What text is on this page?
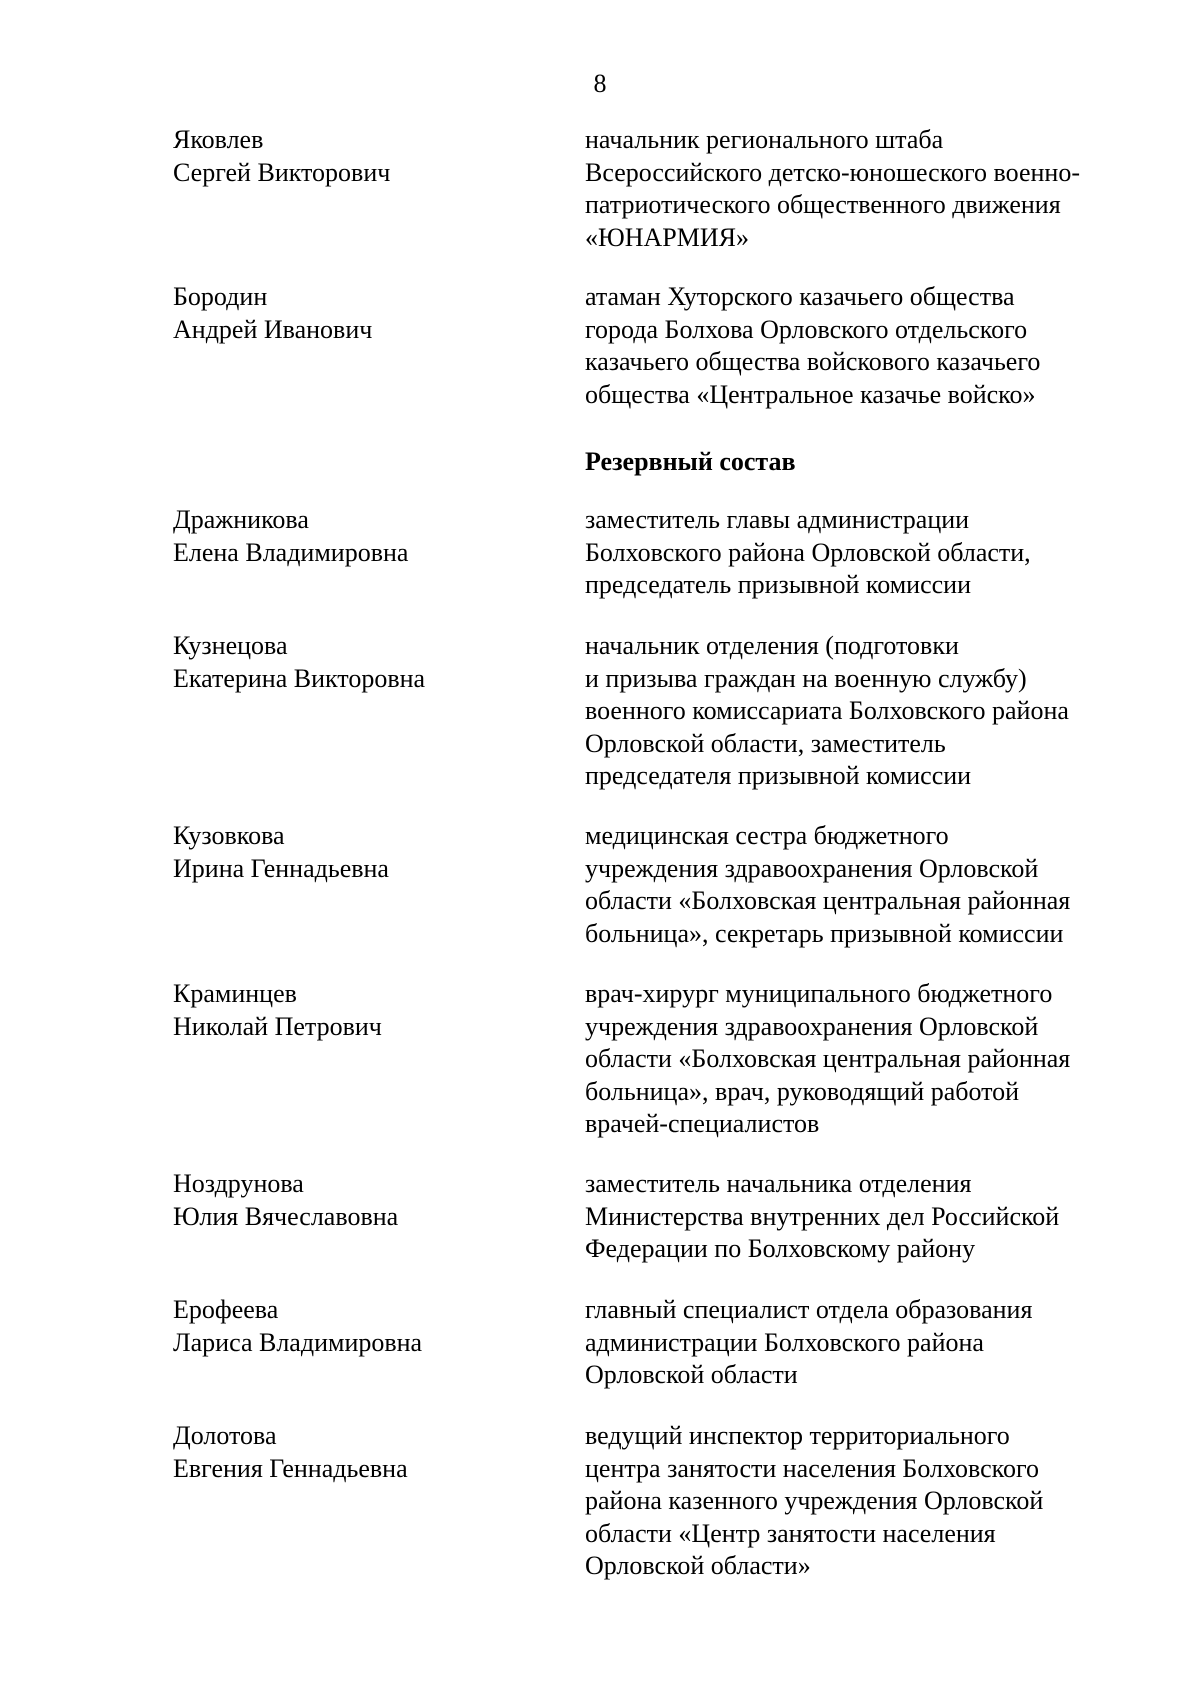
8
Яковлев
Сергей Викторович
начальник регионального штаба
Всероссийского детско-юношеского военно-
патриотического общественного движения
«ЮНАРМИЯ»
Бородин
Андрей Иванович
атаман Хуторского казачьего общества
города Болхова Орловского отдельского
казачьего общества войскового казачьего
общества «Центральное казачье войско»
Резервный состав
Дражникова
Елена Владимировна
заместитель главы администрации
Болховского района Орловской области,
председатель призывной комиссии
Кузнецова
Екатерина Викторовна
начальник отделения (подготовки
и призыва граждан на военную службу)
военного комиссариата Болховского района
Орловской области, заместитель
председателя призывной комиссии
Кузовкова
Ирина Геннадьевна
медицинская сестра бюджетного
учреждения здравоохранения Орловской
области «Болховская центральная районная
больница», секретарь призывной комиссии
Краминцев
Николай Петрович
врач-хирург муниципального бюджетного
учреждения здравоохранения Орловской
области «Болховская центральная районная
больница», врач, руководящий работой
врачей-специалистов
Ноздрунова
Юлия Вячеславовна
заместитель начальника отделения
Министерства внутренних дел Российской
Федерации по Болховскому району
Ерофеева
Лариса Владимировна
главный специалист отдела образования
администрации Болховского района
Орловской области
Долотова
Евгения Геннадьевна
ведущий инспектор территориального
центра занятости населения Болховского
района казенного учреждения Орловской
области «Центр занятости населения
Орловской области»
